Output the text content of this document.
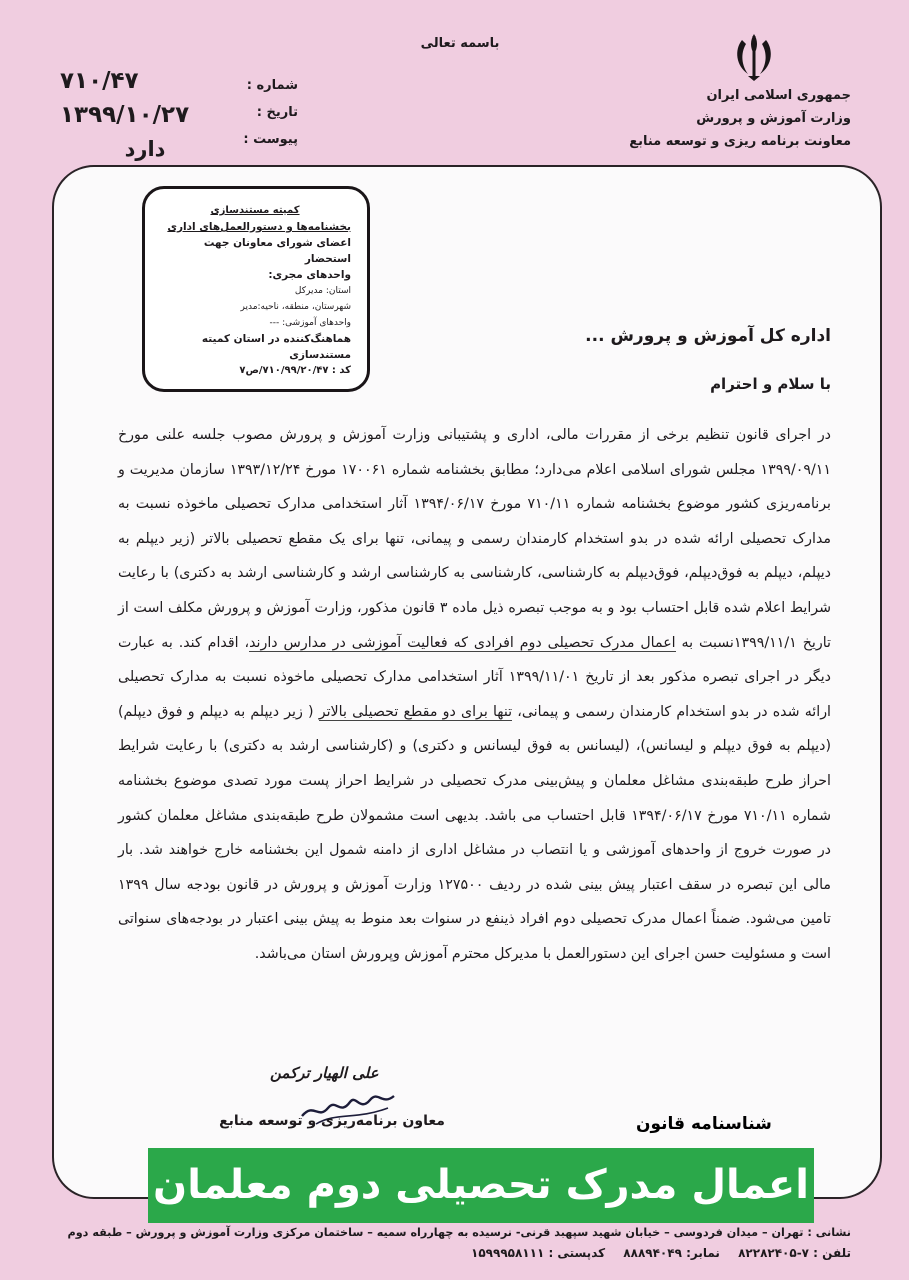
باسمه تعالی
جمهوری اسلامی ایران
وزارت آموزش و پرورش
معاونت برنامه ریزی و توسعه منابع
شماره :
تاریخ :
پیوست :
۷۱۰/۴۷
۱۳۹۹/۱۰/۲۷
دارد
کمیته مستندسازی
بخشنامه‌ها و دستورالعمل‌های اداری
اعضای شورای معاونان جهت استحضار
واحدهای مجری:
استان: مدیرکل
شهرستان، منطقه، ناحیه:مدیر
واحدهای آموزشی: ---
هماهنگ‌کننده در استان کمیته مستندسازی
کد : ۷۱۰/۹۹/۲۰/۴۷/ص۷
اداره کل آموزش و پرورش ...
با سلام و احترام
در اجرای قانون تنظیم برخی از مقررات مالی، اداری و پشتیبانی وزارت آموزش و پرورش مصوب جلسه علنی مورخ ۱۳۹۹/۰۹/۱۱ مجلس شورای اسلامی اعلام می‌دارد؛ مطابق بخشنامه شماره ۱۷۰۰۶۱ مورخ ۱۳۹۳/۱۲/۲۴ سازمان مدیریت و برنامه‌ریزی کشور موضوع بخشنامه شماره ۷۱۰/۱۱ مورخ ۱۳۹۴/۰۶/۱۷ آثار استخدامی مدارک تحصیلی ماخوذه نسبت به مدارک تحصیلی ارائه شده در بدو استخدام کارمندان رسمی و پیمانی، تنها برای یک مقطع تحصیلی بالاتر (زیر دیپلم به دیپلم، دیپلم به فوق‌دیپلم، فوق‌دیپلم به کارشناسی، کارشناسی به کارشناسی ارشد و کارشناسی ارشد به دکتری) با رعایت شرایط اعلام شده قابل احتساب بود و به موجب تبصره ذیل ماده ۳ قانون مذکور، وزارت آموزش و پرورش مکلف است از تاریخ ۱۳۹۹/۱۱/۱نسبت به اعمال مدرک تحصیلی دوم افرادی که فعالیت آموزشی در مدارس دارند، اقدام کند. به عبارت دیگر در اجرای تبصره مذکور بعد از تاریخ ۱۳۹۹/۱۱/۰۱ آثار استخدامی مدارک تحصیلی ماخوذه نسبت به مدارک تحصیلی ارائه شده در بدو استخدام کارمندان رسمی و پیمانی، تنها برای دو مقطع تحصیلی بالاتر ( زیر دیپلم به دیپلم و فوق دیپلم) (دیپلم به فوق دیپلم و لیسانس)، (لیسانس به فوق لیسانس و دکتری) و (کارشناسی ارشد به دکتری) با رعایت شرایط احراز طرح طبقه‌بندی مشاغل معلمان و پیش‌بینی مدرک تحصیلی در شرایط احراز پست مورد تصدی موضوع بخشنامه شماره ۷۱۰/۱۱ مورخ ۱۳۹۴/۰۶/۱۷ قابل احتساب می باشد. بدیهی است مشمولان طرح طبقه‌بندی مشاغل معلمان کشور در صورت خروج از واحدهای آموزشی و یا انتصاب در مشاغل اداری از دامنه شمول این بخشنامه خارج خواهند شد. بار مالی این تبصره در سقف اعتبار پیش بینی شده در ردیف ۱۲۷۵۰۰ وزارت آموزش و پرورش در قانون بودجه سال ۱۳۹۹ تامین می‌شود. ضمناً اعمال مدرک تحصیلی دوم افراد ذینفع در سنوات بعد منوط به پیش بینی اعتبار در بودجه‌های سنواتی است و مسئولیت حسن اجرای این دستورالعمل با مدیرکل محترم آموزش وپرورش استان می‌باشد.
علی الهیار ترکمن
معاون برنامه‌ریزی و توسعه منابع	شناسنامه قانون
اعمال مدرک تحصیلی دوم معلمان
نشانی : تهران – میدان فردوسی – خیابان شهید سپهبد قرنی- نرسیده به چهارراه سمیه – ساختمان مرکزی وزارت آموزش و پرورش – طبقه دوم
تلفن : ۷-۸۲۲۸۲۴۰۵ نمابر: ۸۸۸۹۴۰۴۹ کدپستی : ۱۵۹۹۹۵۸۱۱۱
